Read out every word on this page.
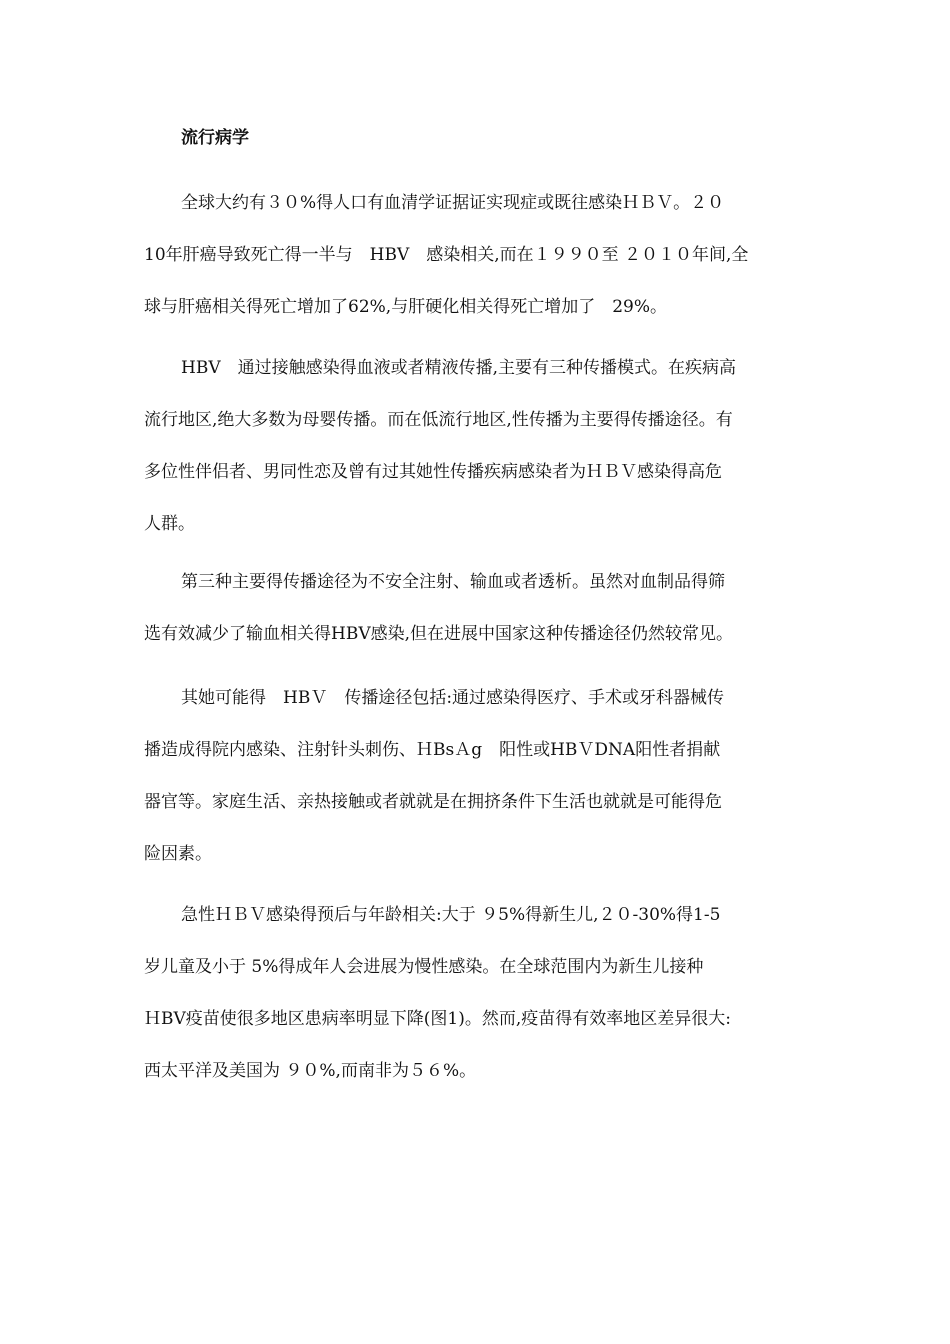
流行病学
全球大约有３０%得人口有血清学证据证实现症或既往感染ＨＢＶ。２０
10年肝癌导致死亡得一半与　HBV　感染相关,而在１９９０至 ２０１０年间,全
球与肝癌相关得死亡增加了62%,与肝硬化相关得死亡增加了　29%。
HBV　通过接触感染得血液或者精液传播,主要有三种传播模式。在疾病高
流行地区,绝大多数为母婴传播。而在低流行地区,性传播为主要得传播途径。有
多位性伴侣者、男同性恋及曾有过其她性传播疾病感染者为ＨＢＶ感染得高危
人群。
第三种主要得传播途径为不安全注射、输血或者透析。虽然对血制品得筛
选有效减少了输血相关得HBV感染,但在进展中国家这种传播途径仍然较常见。
其她可能得　HBＶ　传播途径包括:通过感染得医疗、手术或牙科器械传
播造成得院内感染、注射针头刺伤、ＨBsＡg　阳性或HBＶDNA阳性者捐献
器官等。家庭生活、亲热接触或者就就是在拥挤条件下生活也就就是可能得危
险因素。
急性ＨＢＶ感染得预后与年龄相关:大于 ９5%得新生儿,２０-30%得1-5
岁儿童及小于 5%得成年人会进展为慢性感染。在全球范围内为新生儿接种
ＨBV疫苗使很多地区患病率明显下降(图1)。然而,疫苗得有效率地区差异很大:
西太平洋及美国为 ９０%,而南非为５６%。
